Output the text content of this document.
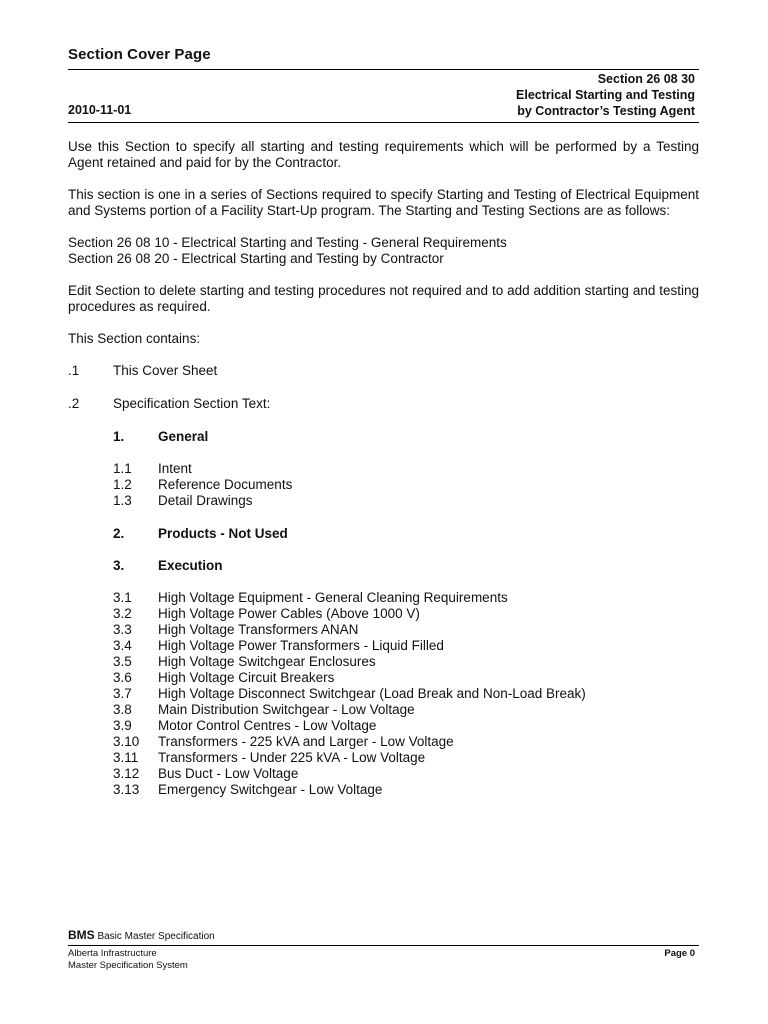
Section Cover Page
Section 26 08 30
Electrical Starting and Testing
by Contractor’s Testing Agent
2010-11-01

Use this Section to specify all starting and testing requirements which will be performed by a Testing Agent retained and paid for by the Contractor.

This section is one in a series of Sections required to specify Starting and Testing of Electrical Equipment and Systems portion of a Facility Start-Up program. The Starting and Testing Sections are as follows:

Section 26 08 10 - Electrical Starting and Testing - General Requirements

Section 26 08 20 - Electrical Starting and Testing by Contractor

Edit Section to delete starting and testing procedures not required and to add addition starting and testing procedures as required.

This Section contains:

.1 This Cover Sheet
.2 Specification Section Text:
1. General
1.1 Intent
1.2 Reference Documents
1.3 Detail Drawings
2. Products - Not Used
3. Execution
3.1 High Voltage Equipment - General Cleaning Requirements
3.2 High Voltage Power Cables (Above 1000 V)
3.3 High Voltage Transformers ANAN
3.4 High Voltage Power Transformers - Liquid Filled
3.5 High Voltage Switchgear Enclosures
3.6 High Voltage Circuit Breakers
3.7 High Voltage Disconnect Switchgear (Load Break and Non-Load Break)
3.8 Main Distribution Switchgear - Low Voltage
3.9 Motor Control Centres - Low Voltage
3.10 Transformers - 225 kVA and Larger - Low Voltage
3.11 Transformers - Under 225 kVA - Low Voltage
3.12 Bus Duct - Low Voltage
3.13 Emergency Switchgear - Low Voltage
BMS Basic Master Specification
Alberta Infrastructure
Master Specification System
Page 0
